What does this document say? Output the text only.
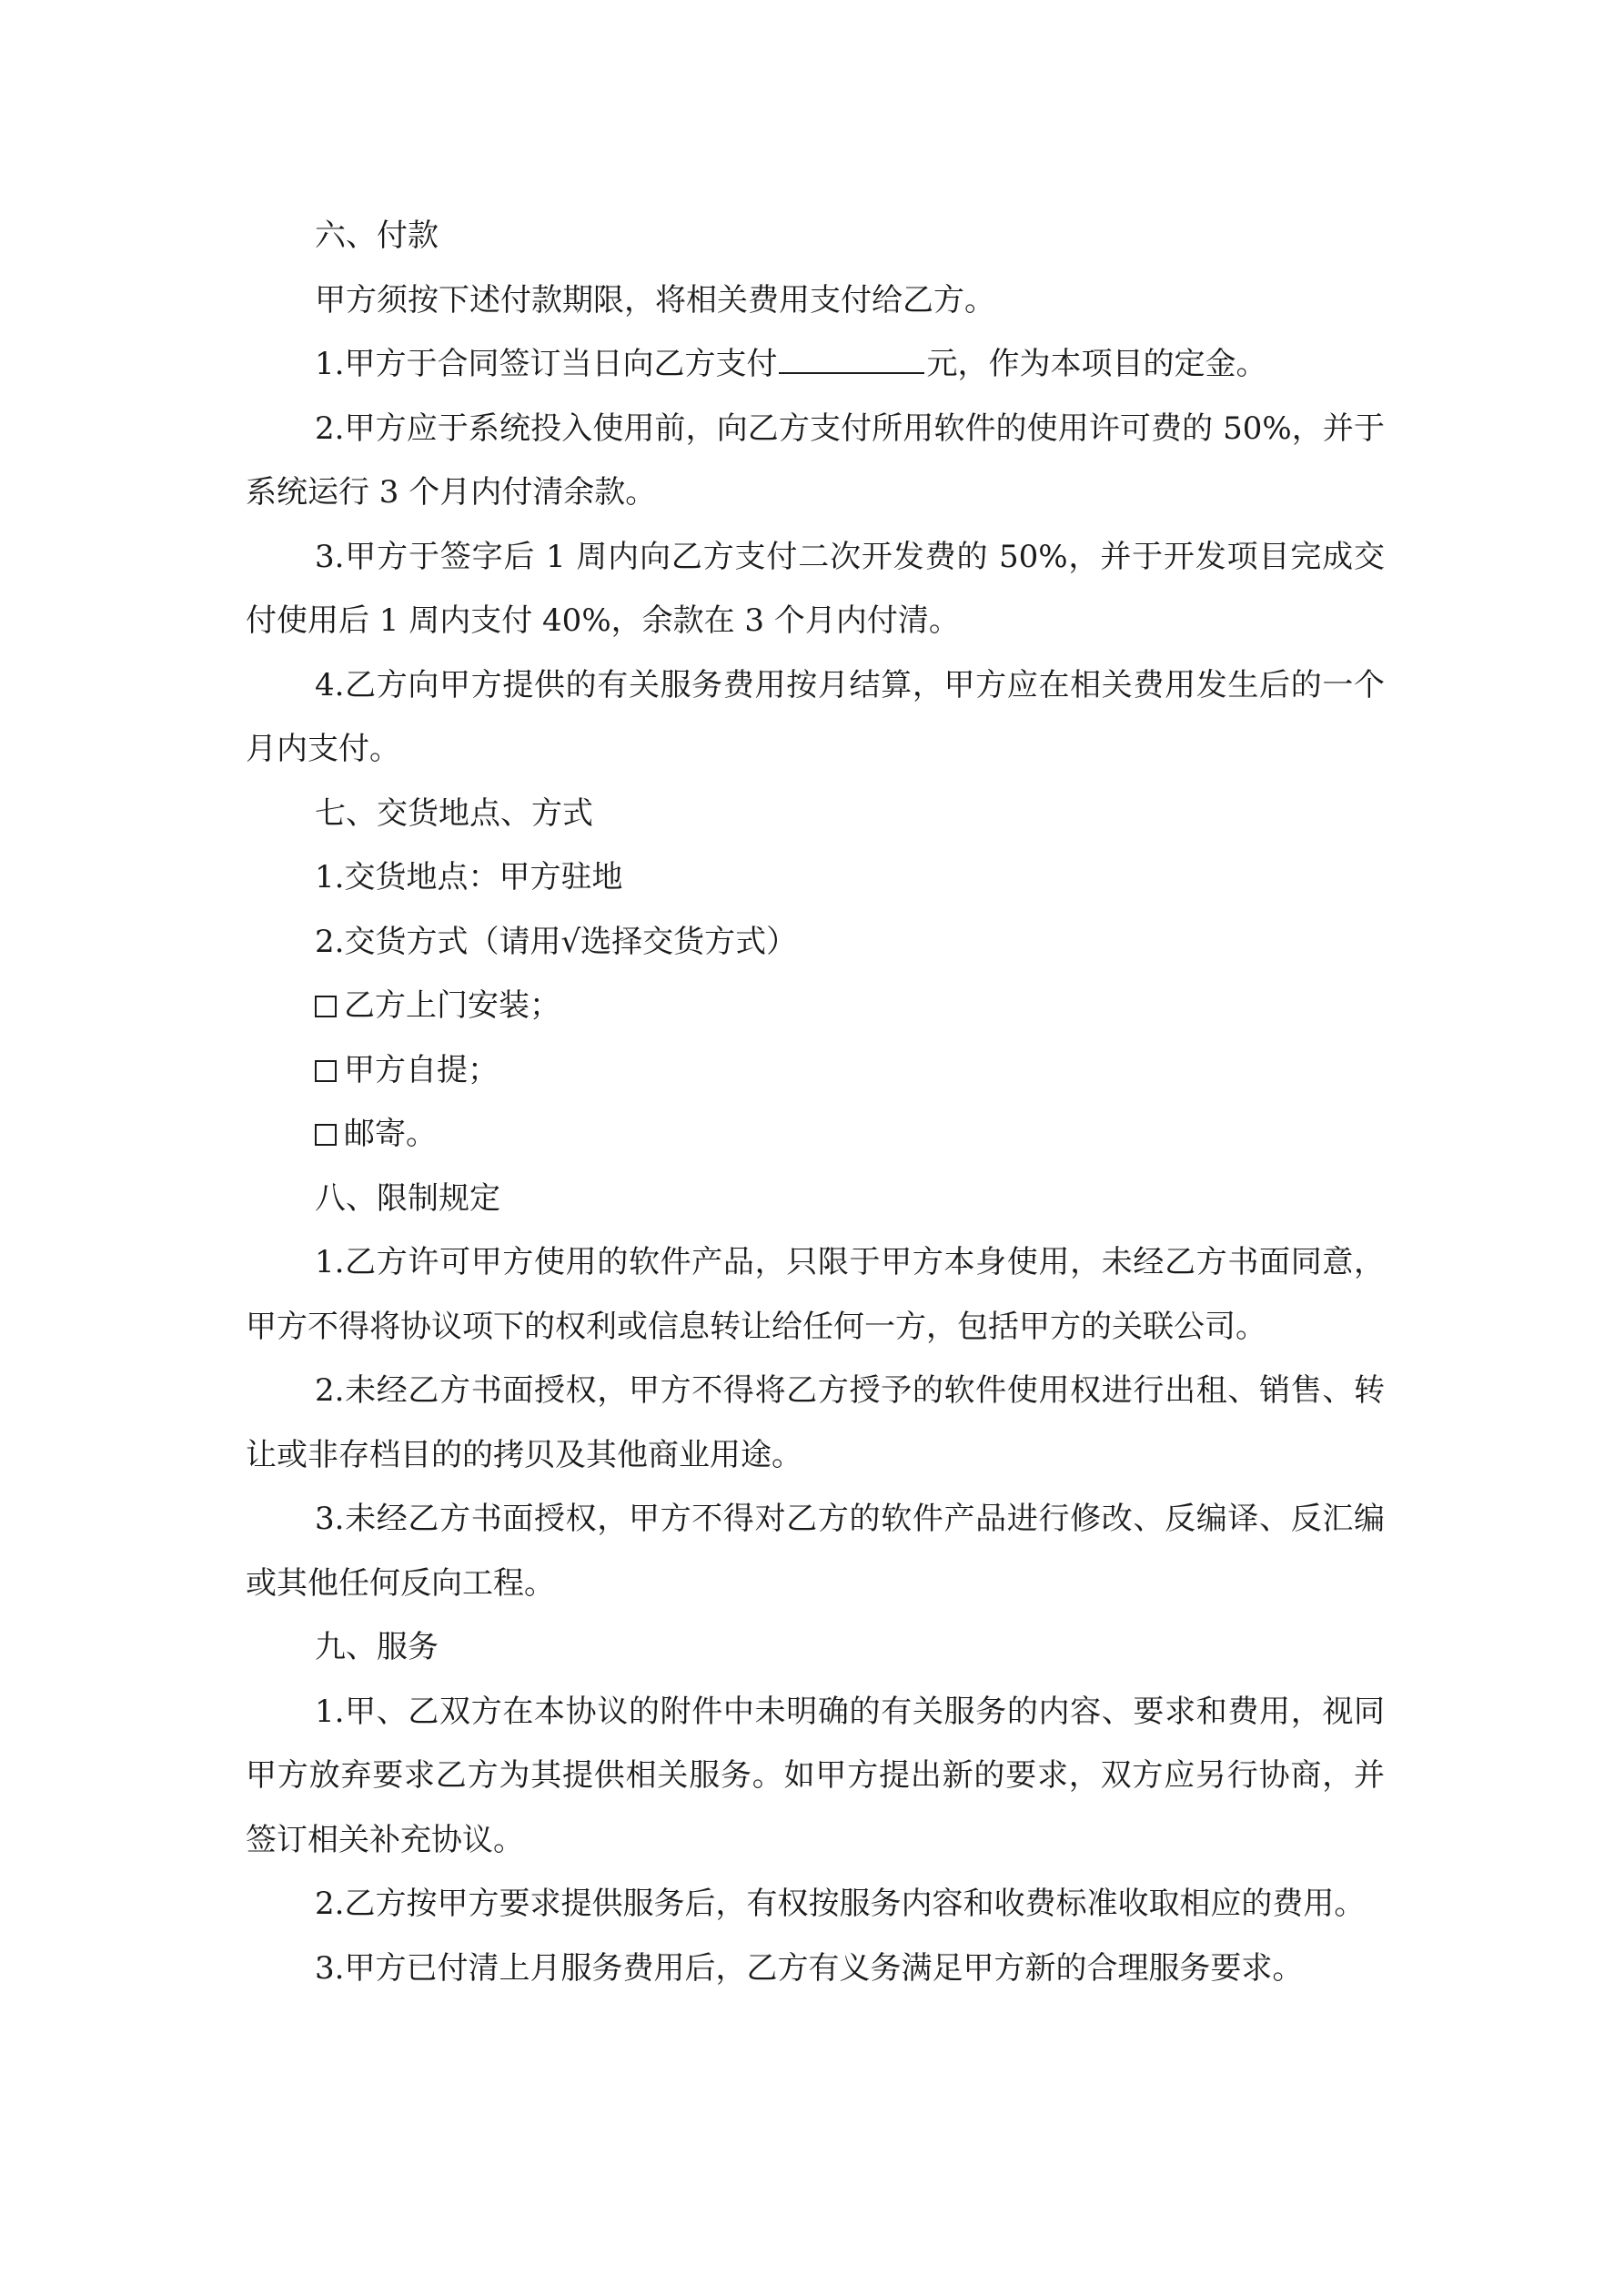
六、付款

甲方须按下述付款期限，将相关费用支付给乙方。

1.甲方于合同签订当日向乙方支付	元，作为本项目的定金。

2.甲方应于系统投入使用前，向乙方支付所用软件的使用许可费的 50%，并于系统运行 3 个月内付清余款。

3.甲方于签字后 1 周内向乙方支付二次开发费的 50%，并于开发项目完成交付使用后 1 周内支付 40%，余款在 3 个月内付清。

4.乙方向甲方提供的有关服务费用按月结算，甲方应在相关费用发生后的一个月内支付。

七、交货地点、方式

1.交货地点：甲方驻地

2.交货方式（请用√选择交货方式）

乙方上门安装；

甲方自提；

邮寄。

八、限制规定

1.乙方许可甲方使用的软件产品，只限于甲方本身使用，未经乙方书面同意，甲方不得将协议项下的权利或信息转让给任何一方，包括甲方的关联公司。

2.未经乙方书面授权，甲方不得将乙方授予的软件使用权进行出租、销售、转让或非存档目的的拷贝及其他商业用途。

3.未经乙方书面授权，甲方不得对乙方的软件产品进行修改、反编译、反汇编或其他任何反向工程。

九、服务

1.甲、乙双方在本协议的附件中未明确的有关服务的内容、要求和费用，视同甲方放弃要求乙方为其提供相关服务。如甲方提出新的要求，双方应另行协商，并签订相关补充协议。

2.乙方按甲方要求提供服务后，有权按服务内容和收费标准收取相应的费用。

3.甲方已付清上月服务费用后，乙方有义务满足甲方新的合理服务要求。
